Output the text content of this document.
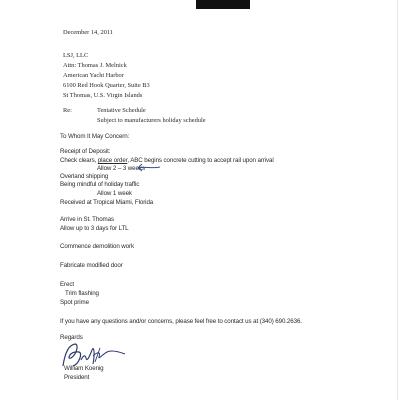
December 14, 2011
LSJ, LLC
Attn: Thomas J. Melnick
American Yacht Harbor
6100 Red Hook Quarter, Suite B3
St Thomas, U.S. Virgin Islands
Re:	Tentative Schedule
Subject to manufacturers holiday schedule
To Whom It May Concern:
Receipt of Deposit:
Check clears, place order, ABC begins concrete cutting to accept rail upon arrival
Allow 2 – 3 weeks
Overland shipping
Being mindful of holiday traffic
Allow 1 week
Received at Tropical Miami, Florida
Arrive in St. Thomas
Allow up to 3 days for LTL
Commence demolition work
Fabricate modified door
Erect
Trim flashing
Spot prime
If you have any questions and/or concerns, please feel free to contact us at (340) 690.2636.
Regards
William Koenig
President
